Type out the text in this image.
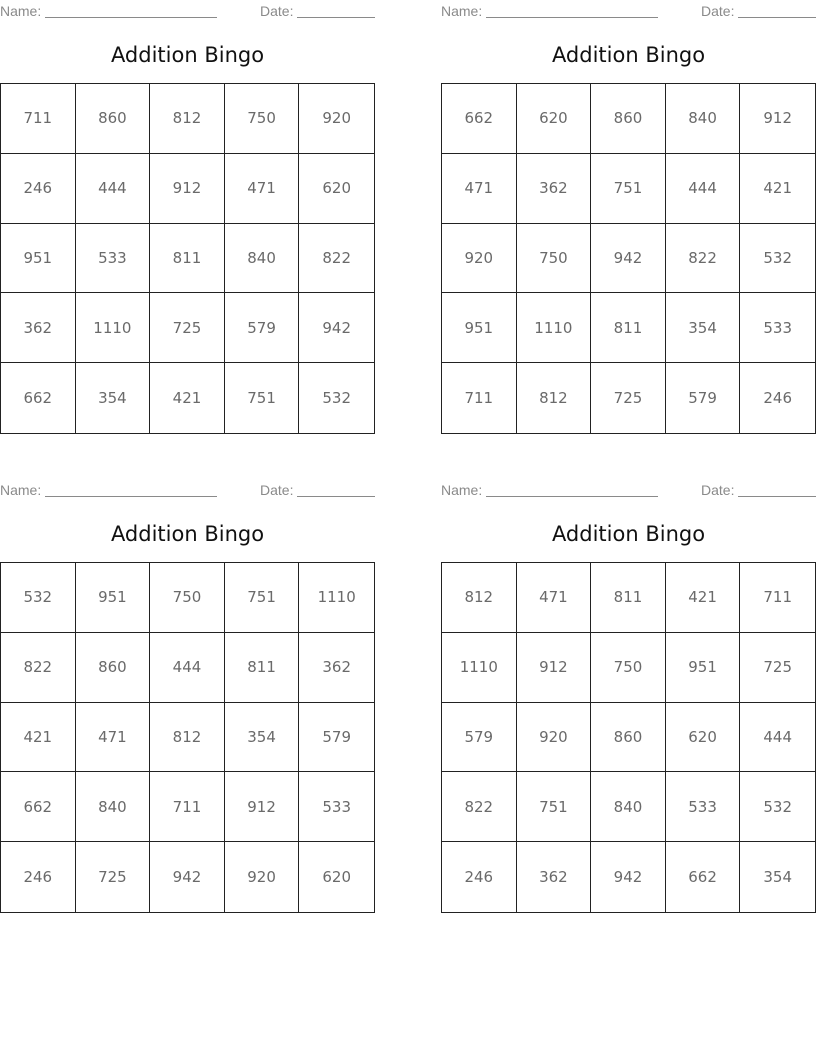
Name:	Date:
Addition Bingo
711	860	812	750	920
246	444	912	471	620
951	533	811	840	822
362	1110	725	579	942
662	354	421	751	532
Name:	Date:
Addition Bingo
662	620	860	840	912
471	362	751	444	421
920	750	942	822	532
951	1110	811	354	533
711	812	725	579	246
Name:	Date:
Addition Bingo
532	951	750	751	1110
822	860	444	811	362
421	471	812	354	579
662	840	711	912	533
246	725	942	920	620
Name:	Date:
Addition Bingo
812	471	811	421	711
1110	912	750	951	725
579	920	860	620	444
822	751	840	533	532
246	362	942	662	354
